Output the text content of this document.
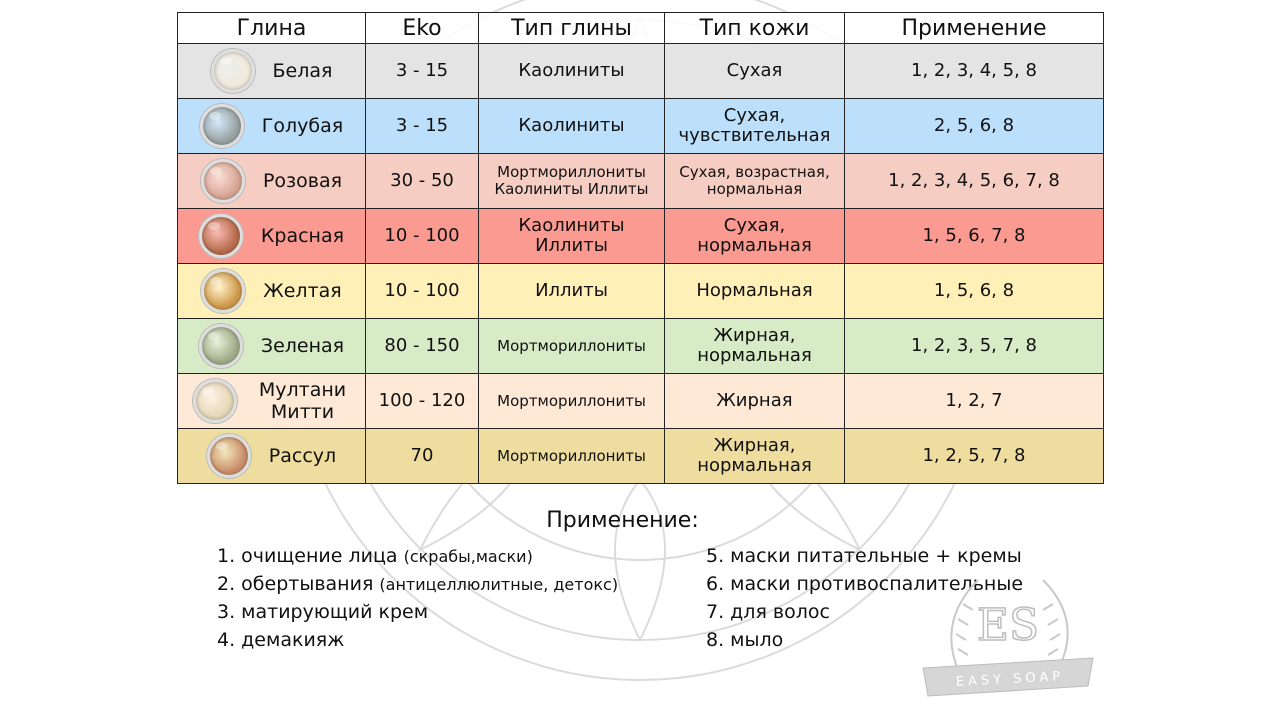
Глина	Eko	Тип глины	Тип кожи	Применение
Белая	3 - 15	Каолиниты	Сухая	1, 2, 3, 4, 5, 8
Голубая	3 - 15	Каолиниты	Сухая, чувствительная	2, 5, 6, 8
Розовая	30 - 50	Мортмориллониты Каолиниты Иллиты	Сухая, возрастная, нормальная	1, 2, 3, 4, 5, 6, 7, 8
Красная	10 - 100	Каолиниты Иллиты	Сухая, нормальная	1, 5, 6, 7, 8
Желтая	10 - 100	Иллиты	Нормальная	1, 5, 6, 8
Зеленая	80 - 150	Мортмориллониты	Жирная, нормальная	1, 2, 3, 5, 7, 8
Мултани Митти	100 - 120	Мортмориллониты	Жирная	1, 2, 7
Рассул	70	Мортмориллониты	Жирная, нормальная	1, 2, 5, 7, 8
Применение:
1. очищение лица (скрабы,маски)
2. обертывания (антицеллюлитные, детокс)
3. матирующий крем
4. демакияж
5. маски питательные + кремы
6. маски противоспалительные
7. для волос
8. мыло	ES
EASY SOAP
